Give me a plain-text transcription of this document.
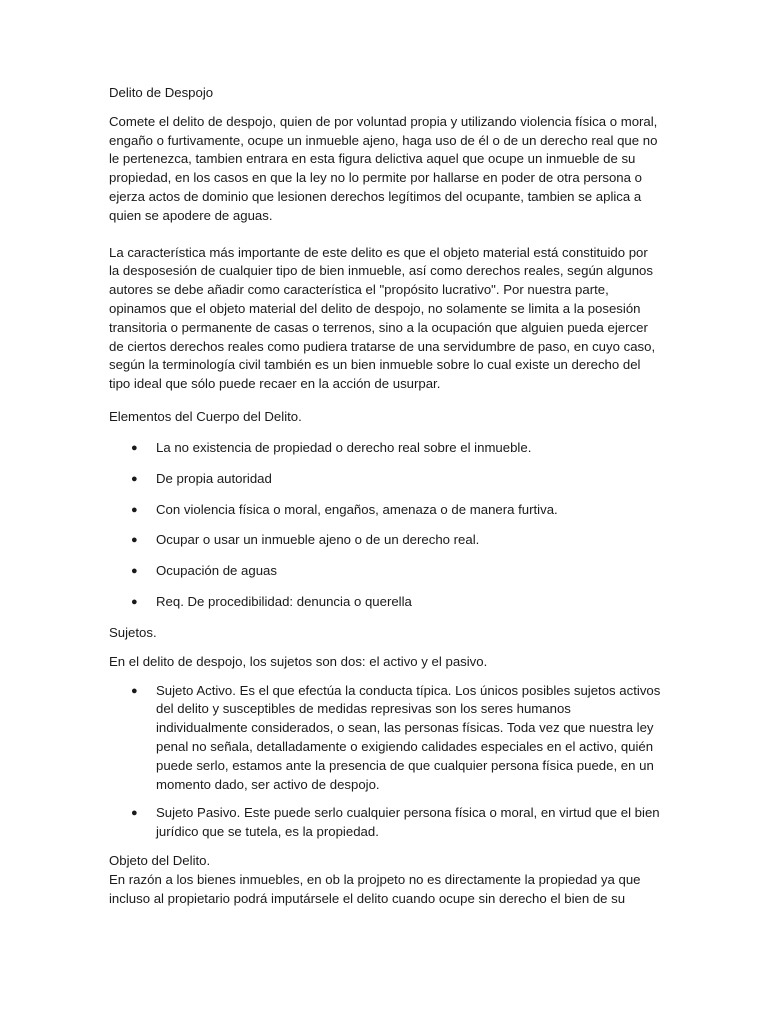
Delito de Despojo

Comete el delito de despojo, quien de por voluntad propia y utilizando violencia física o moral, engaño o furtivamente, ocupe un inmueble ajeno, haga uso de él o de un derecho real que no le pertenezca, tambien entrara en esta figura delictiva aquel que ocupe un inmueble de su propiedad, en los casos en que la ley no lo permite por hallarse en poder de otra persona o ejerza actos de dominio que lesionen derechos legítimos del ocupante, tambien se aplica a quien se apodere de aguas.

La característica más importante de este delito es que el objeto material está constituido por la desposesión de cualquier tipo de bien inmueble, así como derechos reales, según algunos autores se debe añadir como característica el "propósito lucrativo". Por nuestra parte, opinamos que el objeto material del delito de despojo, no solamente se limita a la posesión transitoria o permanente de casas o terrenos, sino a la ocupación que alguien pueda ejercer de ciertos derechos reales como pudiera tratarse de una servidumbre de paso, en cuyo caso, según la terminología civil también es un bien inmueble sobre lo cual existe un derecho del tipo ideal que sólo puede recaer en la acción de usurpar.

Elementos del Cuerpo del Delito.

● La no existencia de propiedad o derecho real sobre el inmueble.
● De propia autoridad
● Con violencia física o moral, engaños, amenaza o de manera furtiva.
● Ocupar o usar un inmueble ajeno o de un derecho real.
● Ocupación de aguas
● Req. De procedibilidad: denuncia o querella

Sujetos.

En el delito de despojo, los sujetos son dos: el activo y el pasivo.

● Sujeto Activo. Es el que efectúa la conducta típica. Los únicos posibles sujetos activos del delito y susceptibles de medidas represivas son los seres humanos individualmente considerados, o sean, las personas físicas. Toda vez que nuestra ley penal no señala, detalladamente o exigiendo calidades especiales en el activo, quién puede serlo, estamos ante la presencia de que cualquier persona física puede, en un momento dado, ser activo de despojo.
● Sujeto Pasivo. Este puede serlo cualquier persona física o moral, en virtud que el bien jurídico que se tutela, es la propiedad.

Objeto del Delito.

En razón a los bienes inmuebles, en ob la projpeto no es directamente la propiedad ya que incluso al propietario podrá imputársele el delito cuando ocupe sin derecho el bien de su
